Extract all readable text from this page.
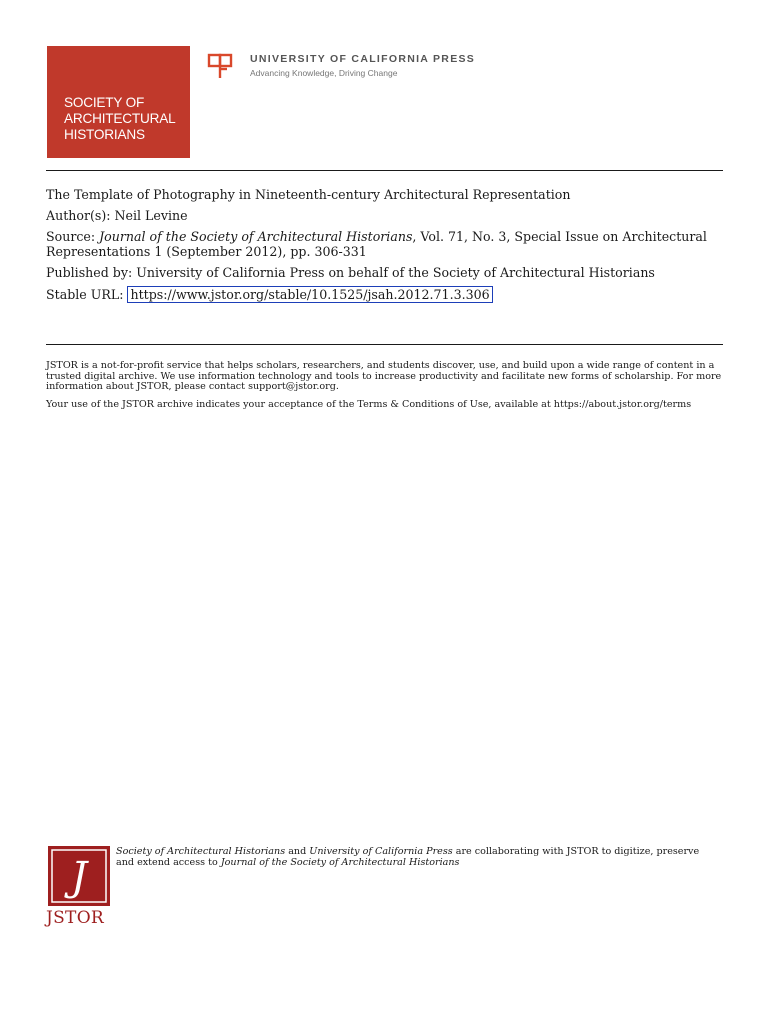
SOCIETY OF
ARCHITECTURAL
HISTORIANS
UNIVERSITY OF CALIFORNIA PRESS
Advancing Knowledge, Driving Change
The Template of Photography in Nineteenth-century Architectural Representation
Author(s): Neil Levine
Source: Journal of the Society of Architectural Historians, Vol. 71, No. 3, Special Issue on Architectural Representations 1 (September 2012), pp. 306-331
Published by: University of California Press on behalf of the Society of Architectural Historians
Stable URL: https://www.jstor.org/stable/10.1525/jsah.2012.71.3.306

JSTOR is a not-for-profit service that helps scholars, researchers, and students discover, use, and build upon a wide range of content in a trusted digital archive. We use information technology and tools to increase productivity and facilitate new forms of scholarship. For more information about JSTOR, please contact support@jstor.org.

Your use of the JSTOR archive indicates your acceptance of the Terms & Conditions of Use, available at https://about.jstor.org/terms

J
JSTOR
Society of Architectural Historians and University of California Press are collaborating with JSTOR to digitize, preserve and extend access to Journal of the Society of Architectural Historians
